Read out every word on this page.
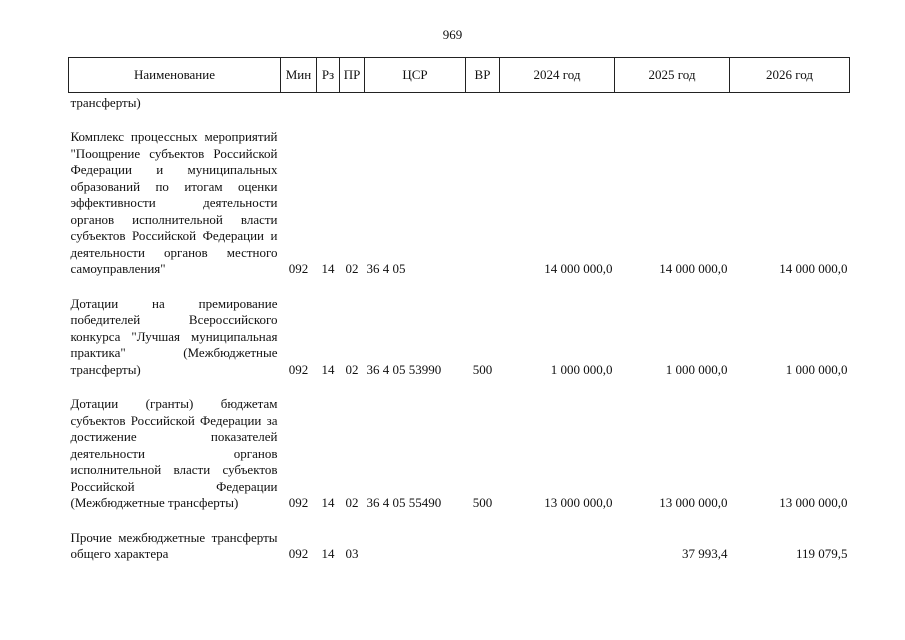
969
Наименование	Мин	Рз	ПР	ЦСР	ВР	2024 год	2025 год	2026 год
трансферты)								

Комплекс процессных мероприятий "Поощрение субъектов Российской Федерации и муниципальных образований по итогам оценки эффективности деятельности органов исполнительной власти субъектов Российской Федерации и деятельности органов местного самоуправления"	092	14	02	36 4 05		14 000 000,0	14 000 000,0	14 000 000,0

Дотации на премирование победителей Всероссийского конкурса "Лучшая муниципальная практика" (Межбюджетные трансферты)	092	14	02	36 4 05 53990	500	1 000 000,0	1 000 000,0	1 000 000,0

Дотации (гранты) бюджетам субъектов Российской Федерации за достижение показателей деятельности органов исполнительной власти субъектов Российской Федерации (Межбюджетные трансферты)	092	14	02	36 4 05 55490	500	13 000 000,0	13 000 000,0	13 000 000,0

Прочие межбюджетные трансферты общего характера	092	14	03				37 993,4	119 079,5
